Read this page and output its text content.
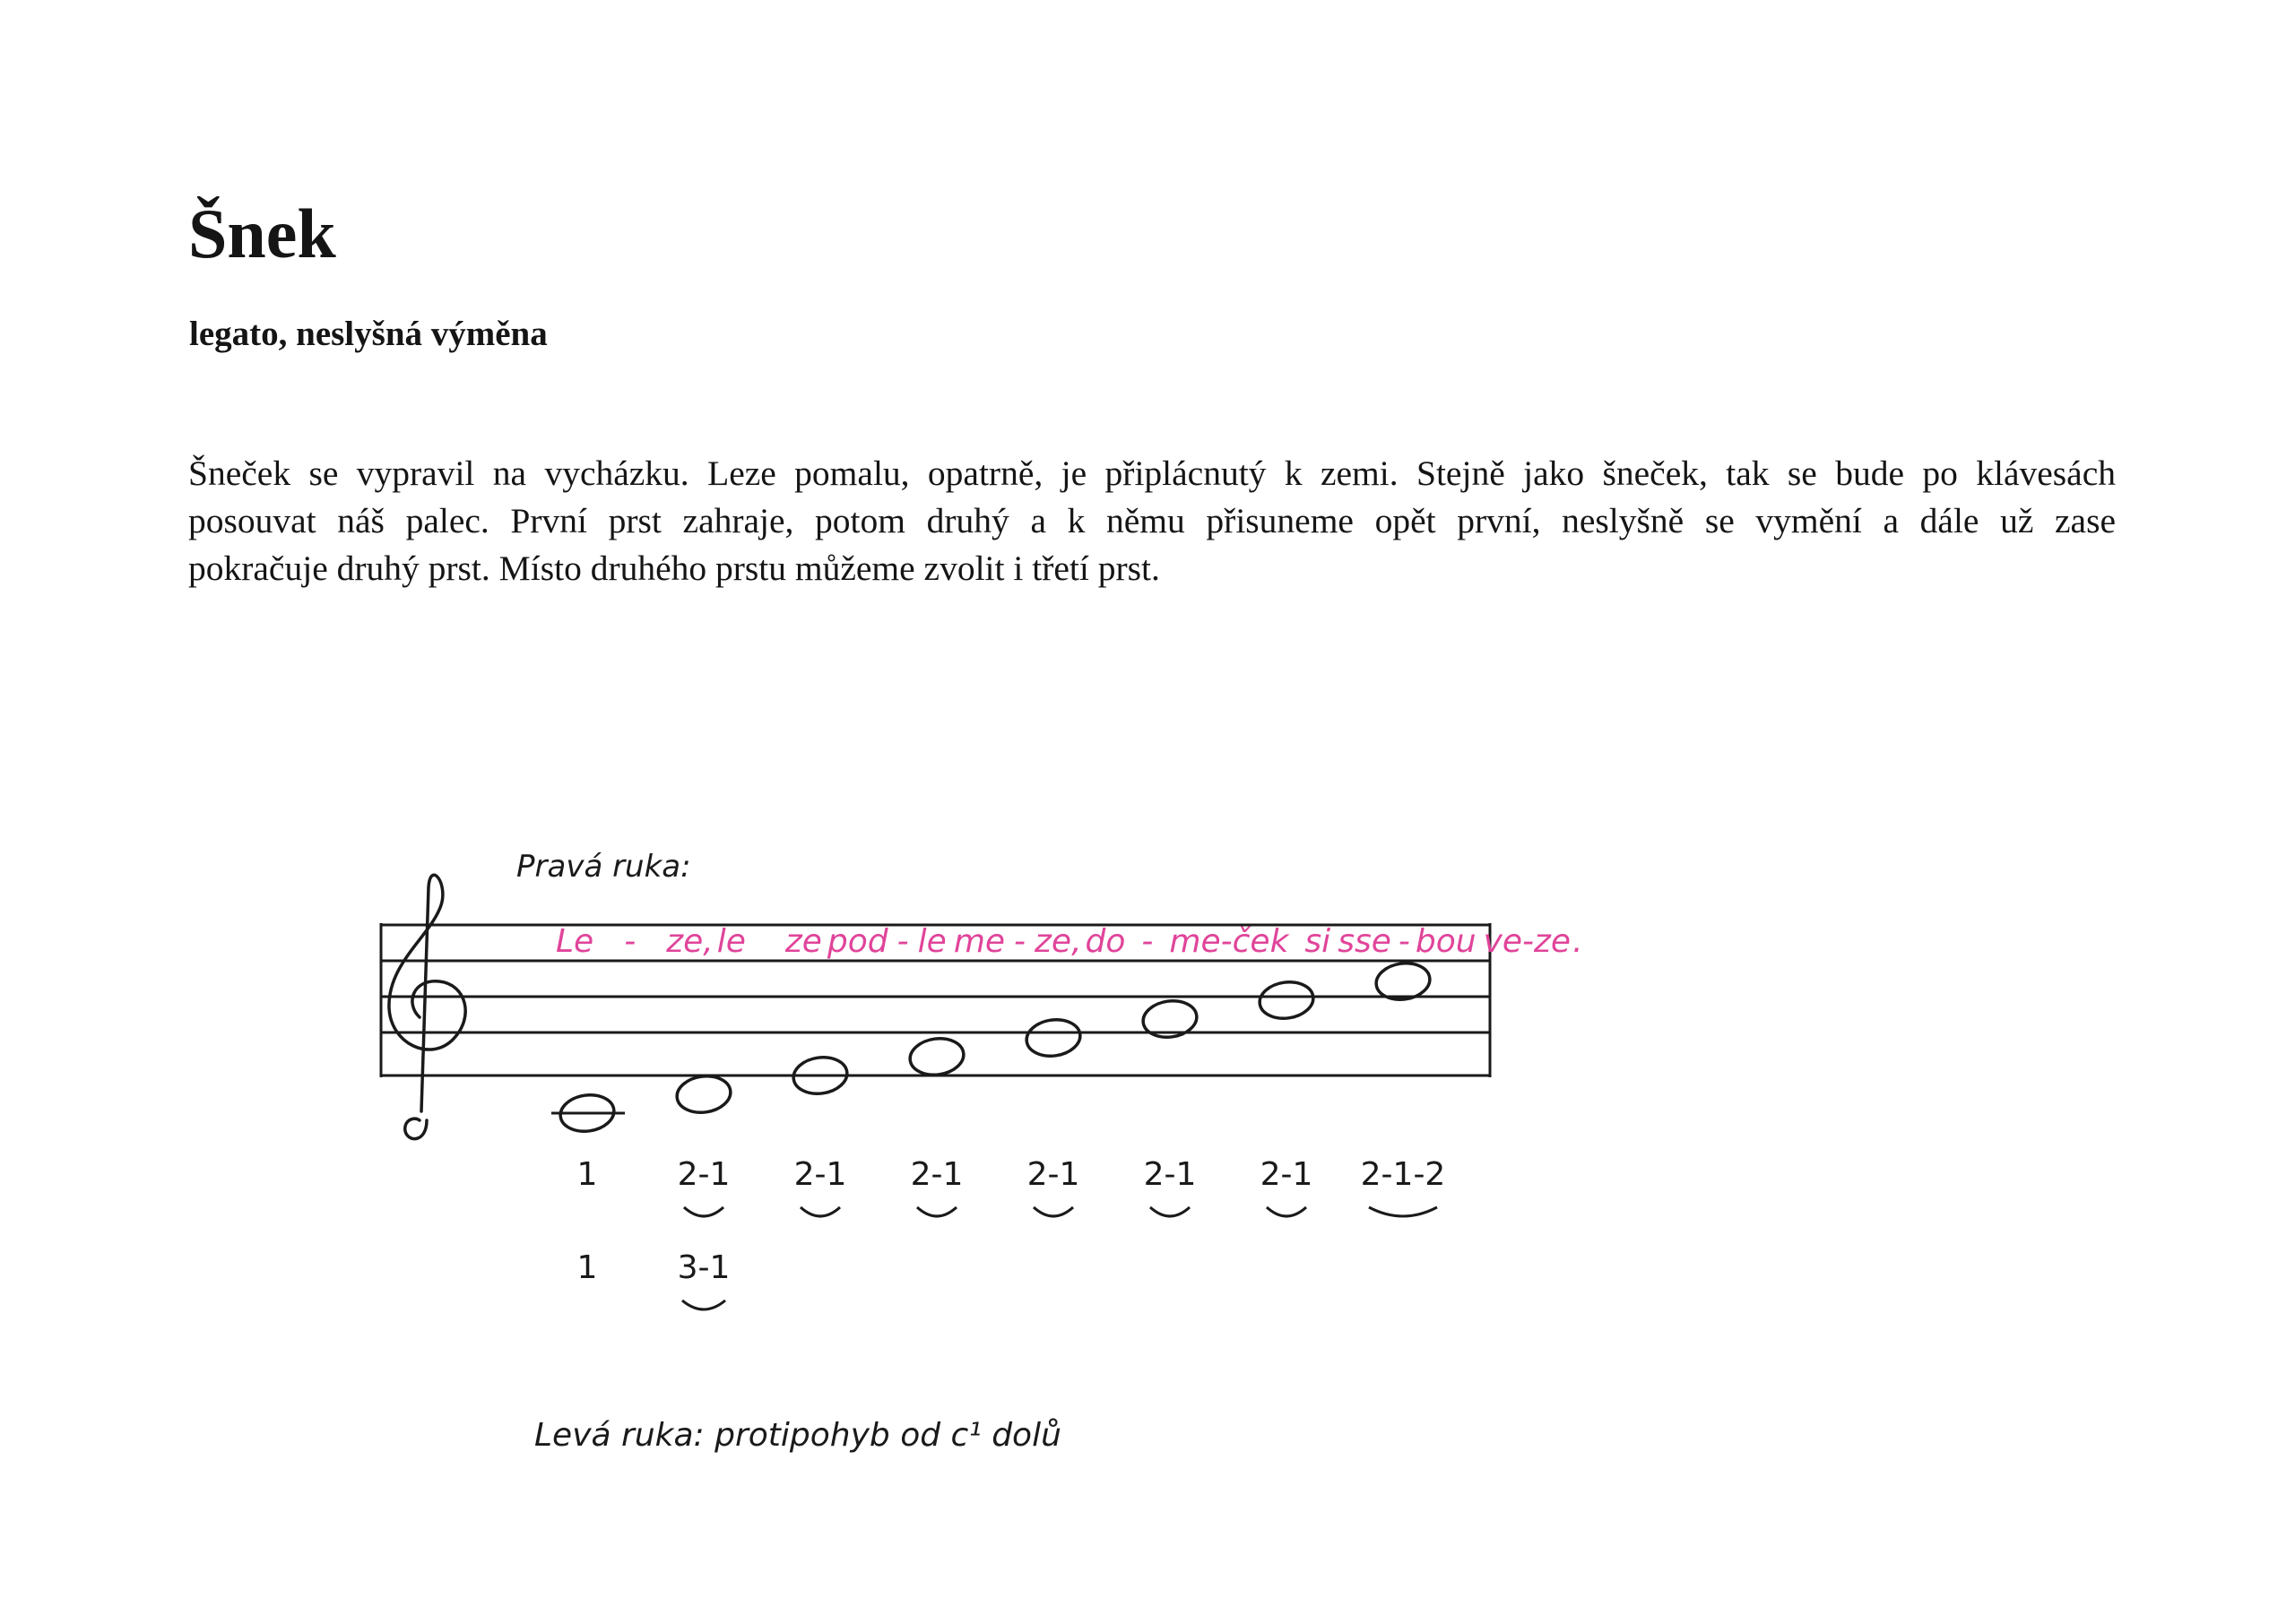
Šnek
legato, neslyšná výměna
Šneček se vypravil na vycházku. Leze pomalu, opatrně, je připlácnutý k zemi. Stejně jako šneček, tak se bude po klávesách
posouvat náš palec. První prst zahraje, potom druhý a k němu přisuneme opět první, neslyšně se vymění a dále už zase
pokračuje druhý prst. Místo druhého prstu můžeme zvolit i třetí prst.
Pravá ruka:
Le - ze, le ze pod - le me - ze, do - mе-ček si sse - bou ve-ze.
1
1
2-1
3-1
2-1 2-1 2-1 2-1 2-1 2-1-2
Levá ruka: protipohyb od c¹ dolů
